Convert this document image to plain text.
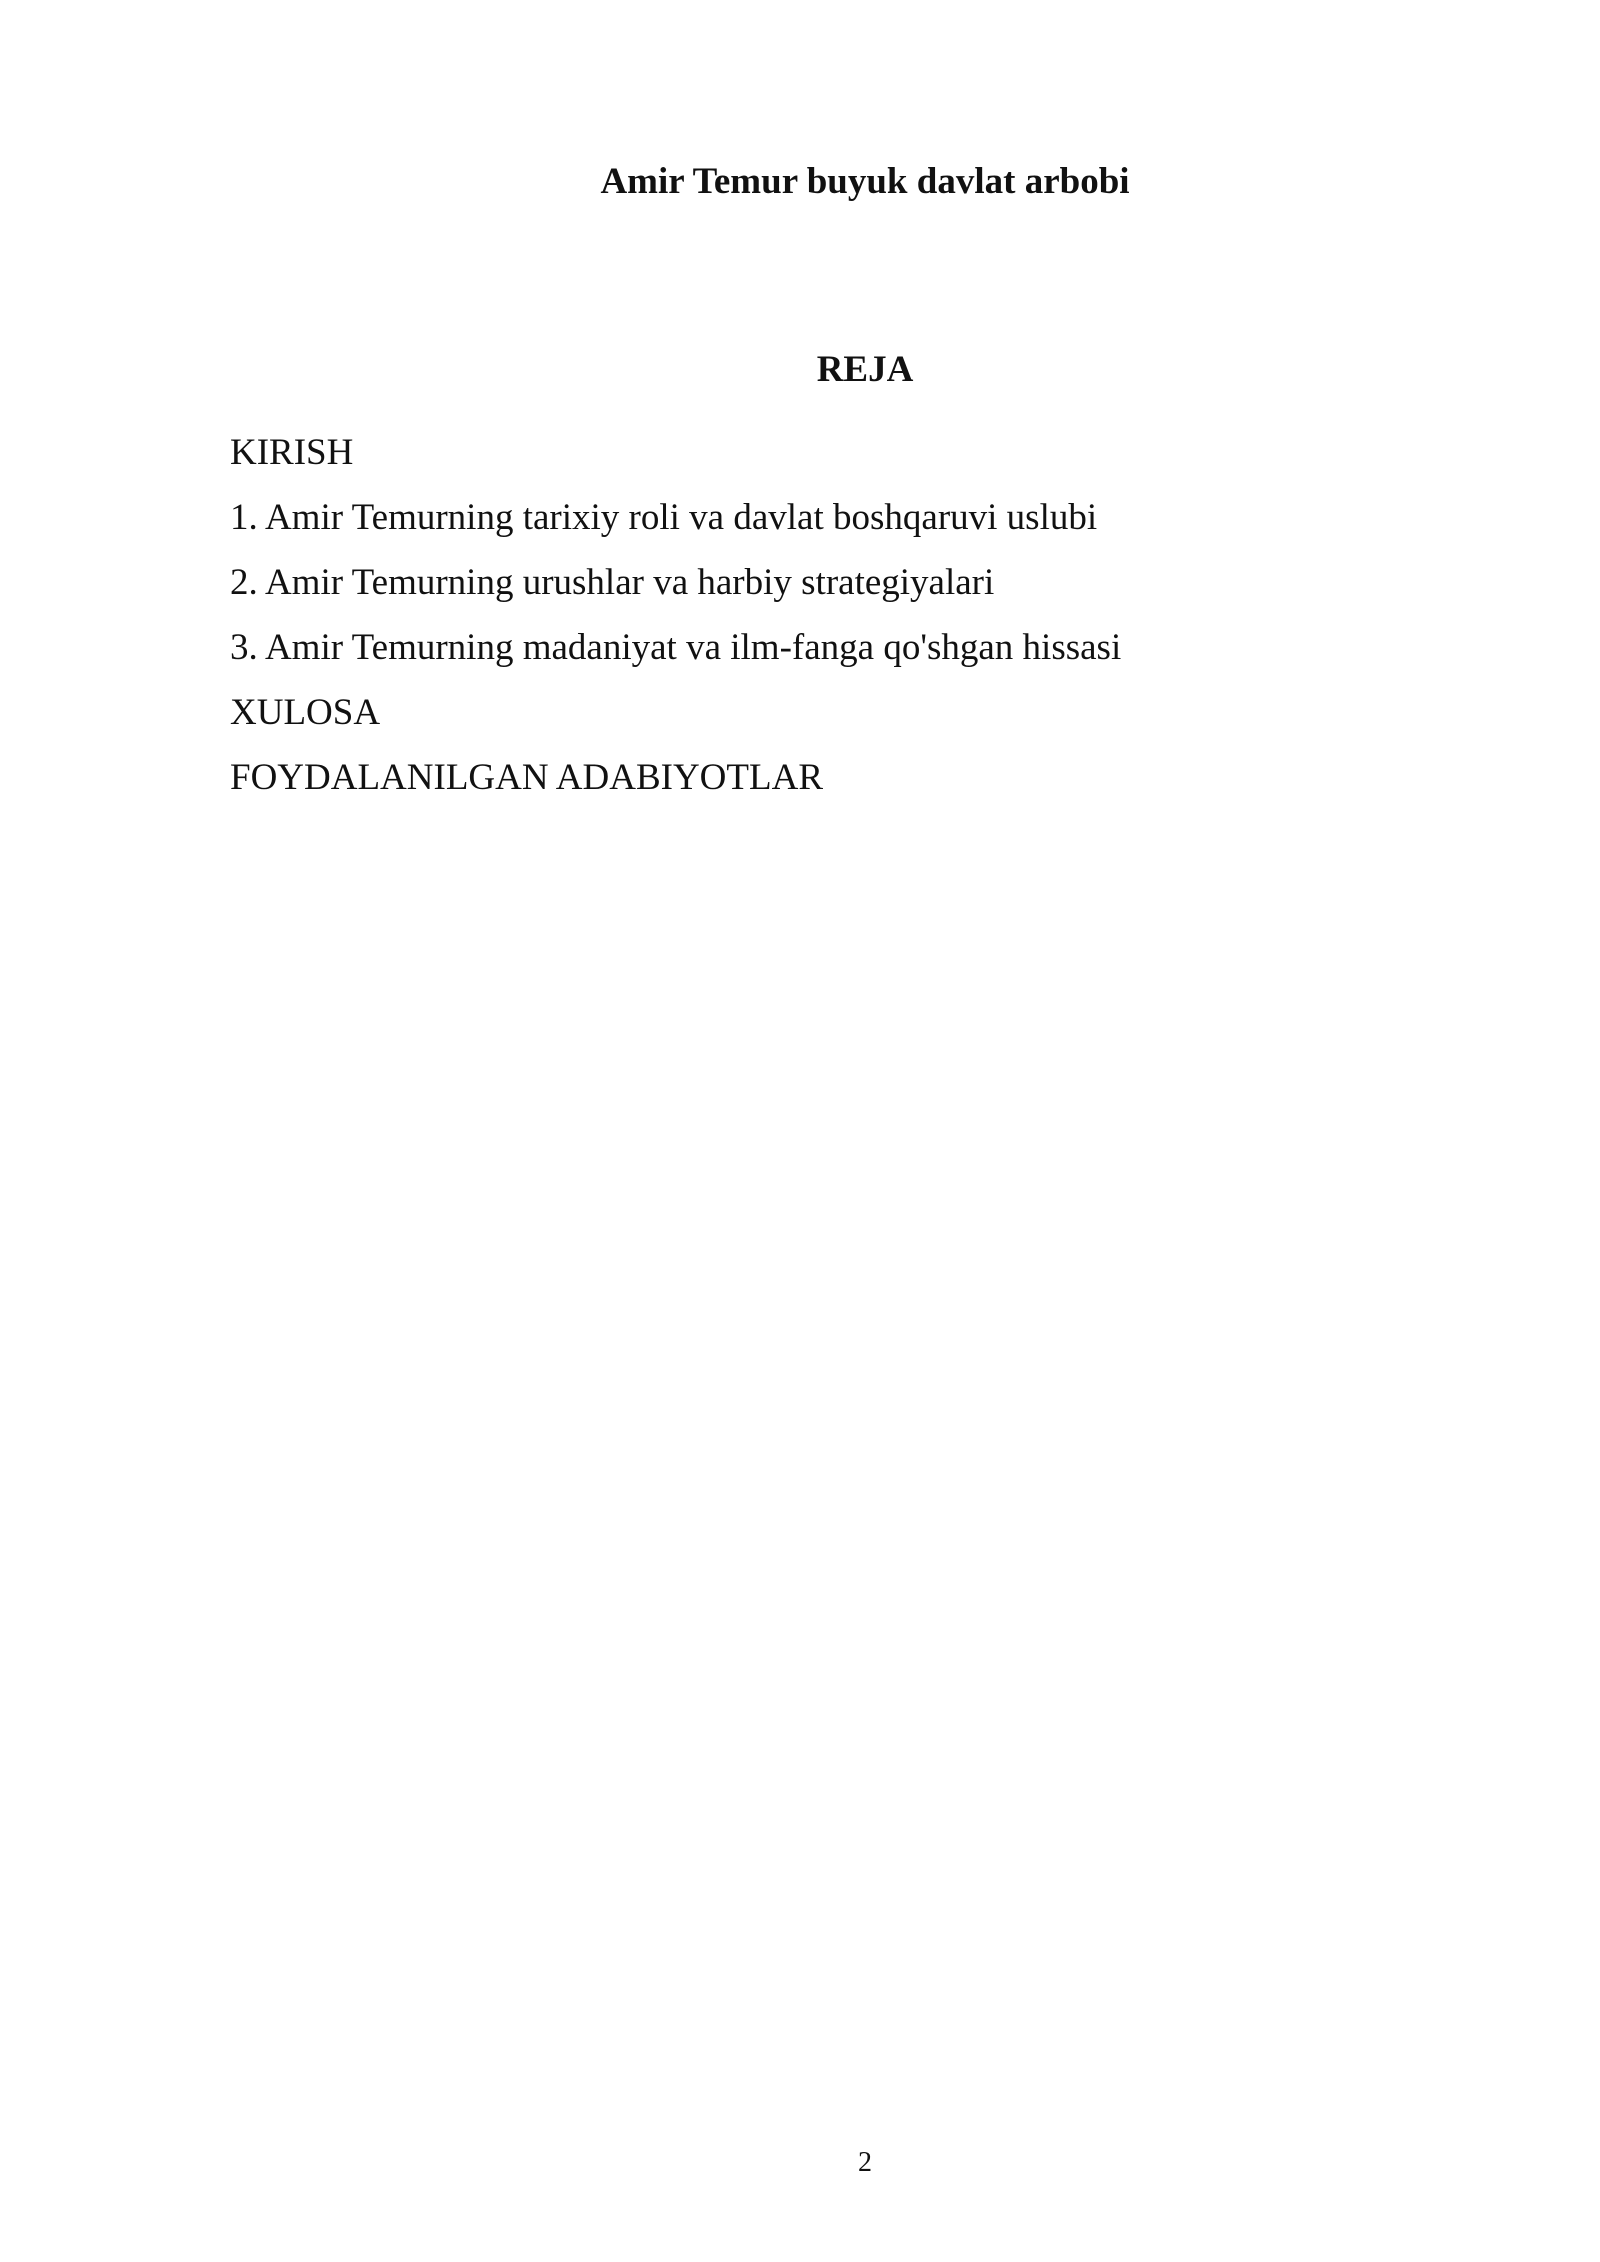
Amir Temur buyuk davlat arbobi
REJA
KIRISH
1. Amir Temurning tarixiy roli va davlat boshqaruvi uslubi
2. Amir Temurning urushlar va harbiy strategiyalari
3. Amir Temurning madaniyat va ilm-fanga qo'shgan hissasi
XULOSA
FOYDALANILGAN ADABIYOTLAR
2
